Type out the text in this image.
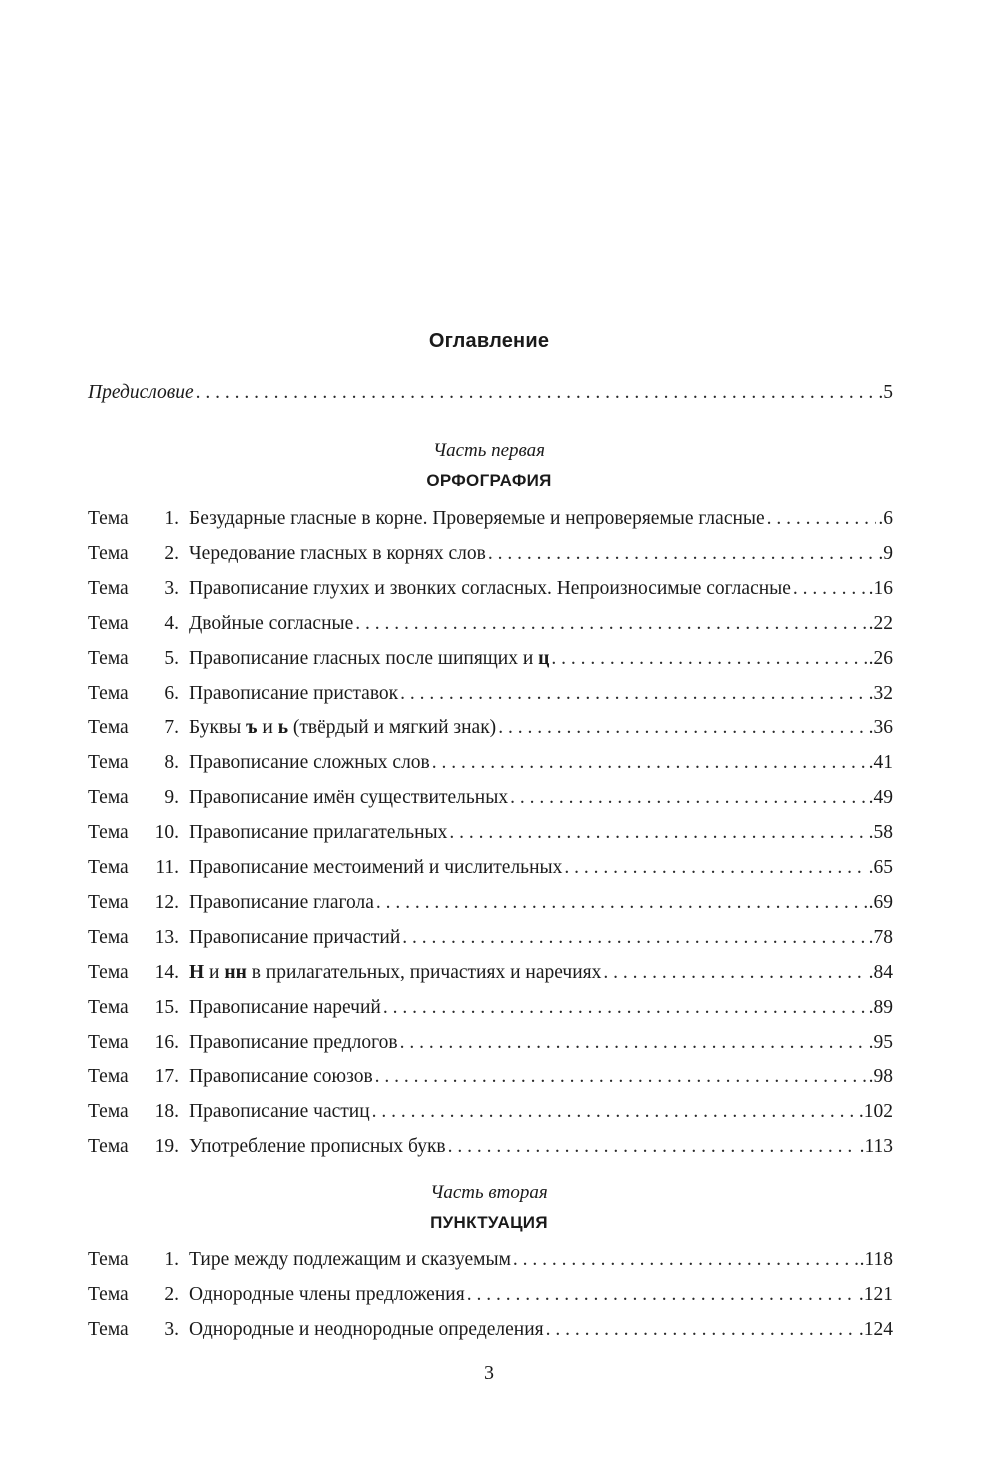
Оглавление
Предисловие . . .	.5
Часть первая
ОРФОГРАФИЯ
Тема	1. Безударные гласные в корне. Проверяемые и непроверяемые гласные . . .	.6
Тема	2. Чередование гласных в корнях слов . . .	.9
Тема	3. Правописание глухих и звонких согласных. Непроизносимые согласные . . .	.16
Тема	4. Двойные согласные . . .	.22
Тема	5. Правописание гласных после шипящих и ц . . .	.26
Тема	6. Правописание приставок . . .	.32
Тема	7. Буквы ъ и ь (твёрдый и мягкий знак) . . .	.36
Тема	8. Правописание сложных слов . . .	.41
Тема	9. Правописание имён существительных . . .	.49
Тема	10. Правописание прилагательных . . .	.58
Тема	11. Правописание местоимений и числительных . . .	.65
Тема	12. Правописание глагола . . .	.69
Тема	13. Правописание причастий . . .	.78
Тема	14. Н и нн в прилагательных, причастиях и наречиях . . .	.84
Тема	15. Правописание наречий . . .	.89
Тема	16. Правописание предлогов . . .	.95
Тема	17. Правописание союзов . . .	.98
Тема	18. Правописание частиц . . .	.102
Тема	19. Употребление прописных букв . . .	.113
Часть вторая
ПУНКТУАЦИЯ
Тема	1. Тире между подлежащим и сказуемым . . .	.118
Тема	2. Однородные члены предложения . . .	.121
Тема	3. Однородные и неоднородные определения . . .	.124
3
